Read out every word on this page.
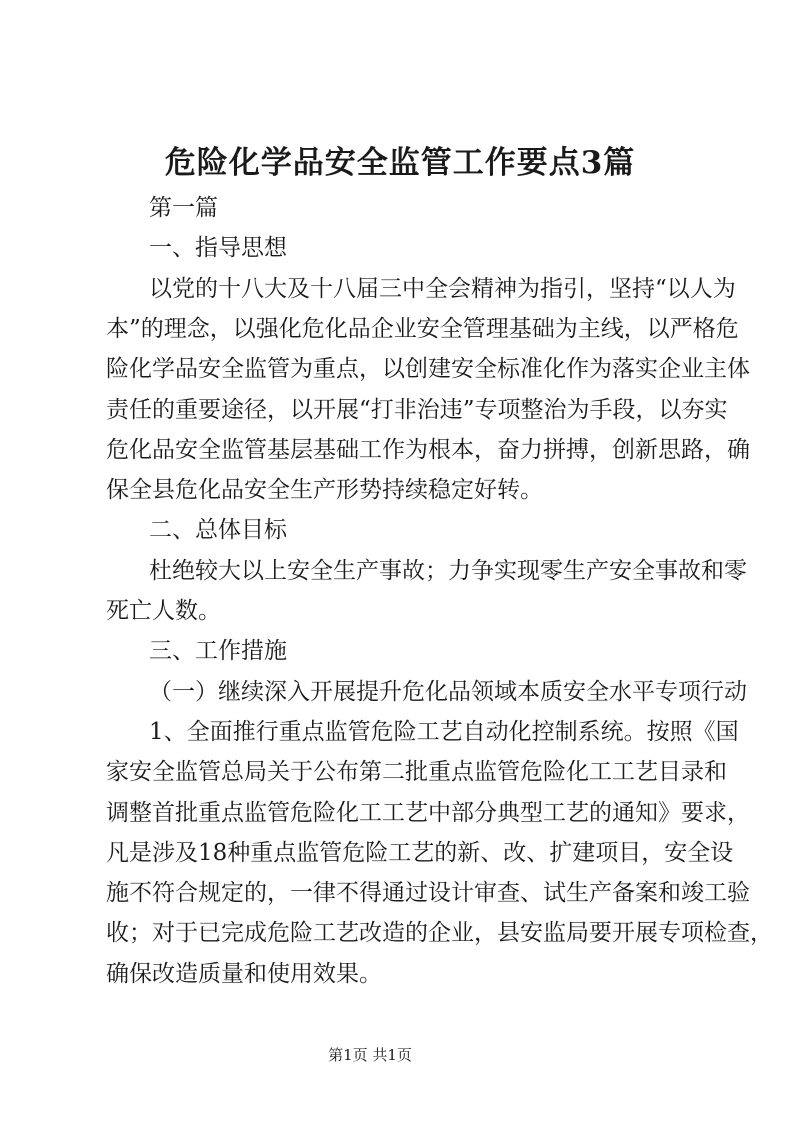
危险化学品安全监管工作要点3篇
第一篇
一、指导思想
以党的十八大及十八届三中全会精神为指引，坚持“以人为
本”的理念，以强化危化品企业安全管理基础为主线，以严格危
险化学品安全监管为重点，以创建安全标准化作为落实企业主体
责任的重要途径，以开展“打非治违”专项整治为手段，以夯实
危化品安全监管基层基础工作为根本，奋力拼搏，创新思路，确
保全县危化品安全生产形势持续稳定好转。
二、总体目标
杜绝较大以上安全生产事故；力争实现零生产安全事故和零
死亡人数。
三、工作措施
（一）继续深入开展提升危化品领域本质安全水平专项行动
1、全面推行重点监管危险工艺自动化控制系统。按照《国
家安全监管总局关于公布第二批重点监管危险化工工艺目录和
调整首批重点监管危险化工工艺中部分典型工艺的通知》要求，
凡是涉及18种重点监管危险工艺的新、改、扩建项目，安全设
施不符合规定的，一律不得通过设计审查、试生产备案和竣工验
收；对于已完成危险工艺改造的企业，县安监局要开展专项检查，
确保改造质量和使用效果。
第1页 共1页
